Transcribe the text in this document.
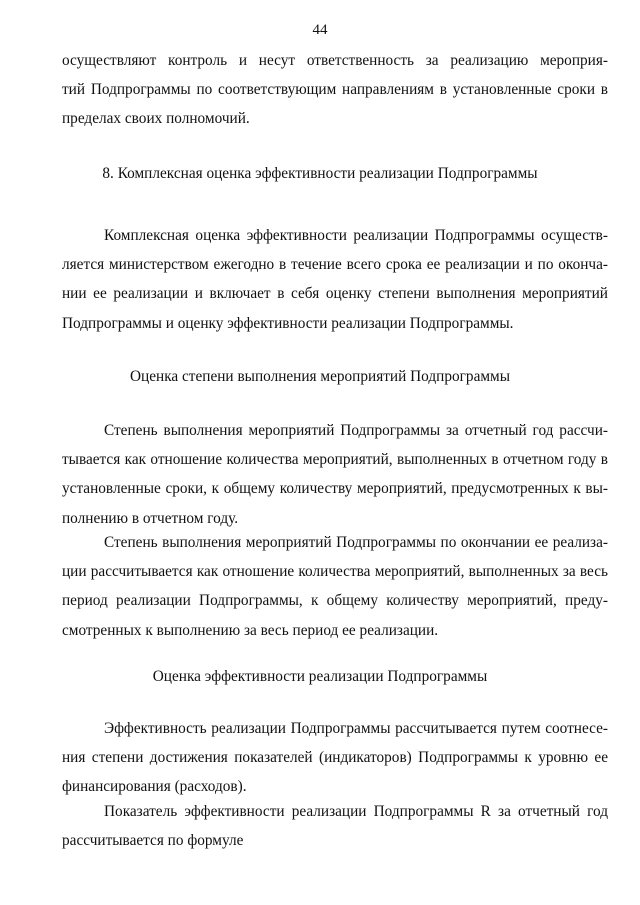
44
осуществляют контроль и несут ответственность за реализацию мероприя-
тий Подпрограммы по соответствующим направлениям в установленные сроки в
пределах своих полномочий.
8. Комплексная оценка эффективности реализации Подпрограммы
Комплексная оценка эффективности реализации Подпрограммы осуществ-
ляется министерством ежегодно в течение всего срока ее реализации и по оконча-
нии ее реализации и включает в себя оценку степени выполнения мероприятий
Подпрограммы и оценку эффективности реализации Подпрограммы.
Оценка степени выполнения мероприятий Подпрограммы
Степень выполнения мероприятий Подпрограммы за отчетный год рассчи-
тывается как отношение количества мероприятий, выполненных в отчетном году в
установленные сроки, к общему количеству мероприятий, предусмотренных к вы-
полнению в отчетном году.
Степень выполнения мероприятий Подпрограммы по окончании ее реализа-
ции рассчитывается как отношение количества мероприятий, выполненных за весь
период реализации Подпрограммы, к общему количеству мероприятий, преду-
смотренных к выполнению за весь период ее реализации.
Оценка эффективности реализации Подпрограммы
Эффективность реализации Подпрограммы рассчитывается путем соотнесе-
ния степени достижения показателей (индикаторов) Подпрограммы к уровню ее
финансирования (расходов).
Показатель эффективности реализации Подпрограммы R за отчетный год
рассчитывается по формуле
